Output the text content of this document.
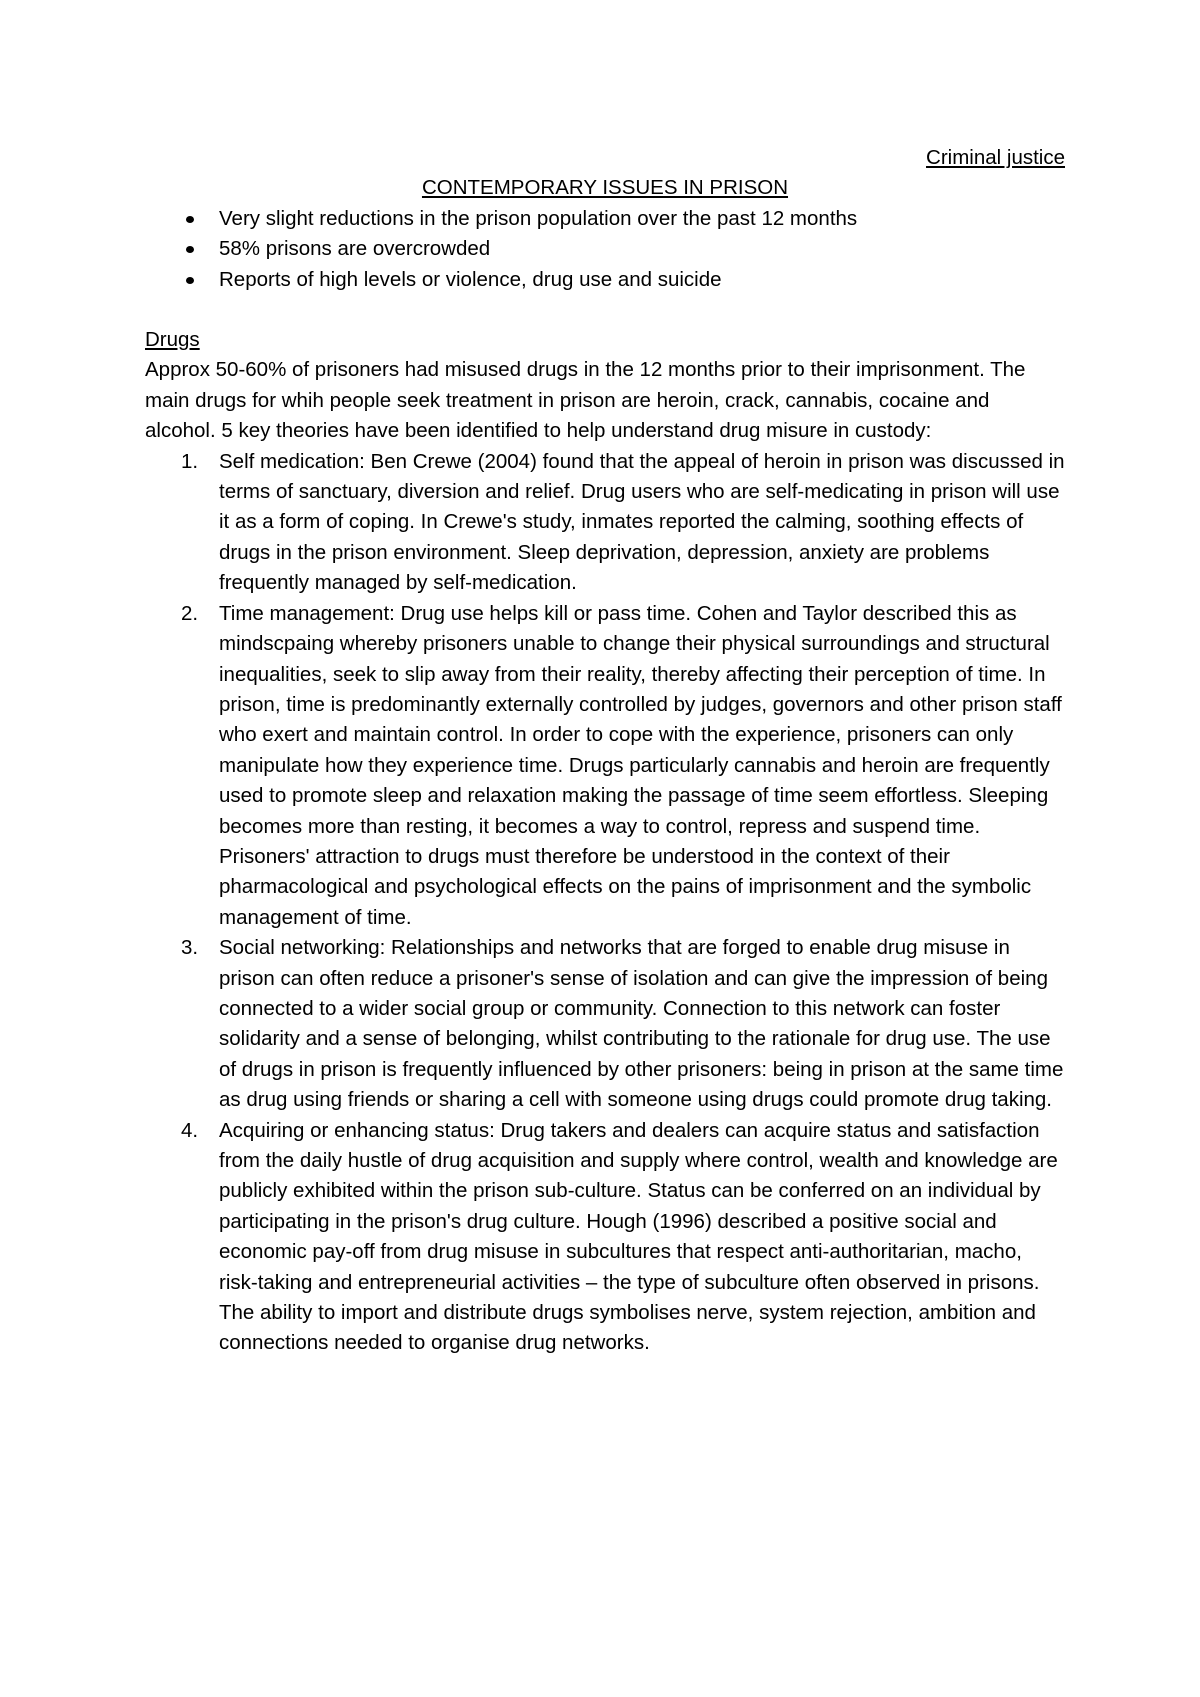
Criminal justice

CONTEMPORARY ISSUES IN PRISON
Very slight reductions in the prison population over the past 12 months
58% prisons are overcrowded
Reports of high levels or violence, drug use and suicide
Drugs

Approx 50-60% of prisoners had misused drugs in the 12 months prior to their imprisonment. The main drugs for whih people seek treatment in prison are heroin, crack, cannabis, cocaine and alcohol. 5 key theories have been identified to help understand drug misure in custody:

1. Self medication: Ben Crewe (2004) found that the appeal of heroin in prison was discussed in terms of sanctuary, diversion and relief. Drug users who are self-medicating in prison will use it as a form of coping. In Crewe's study, inmates reported the calming, soothing effects of drugs in the prison environment. Sleep deprivation, depression, anxiety are problems frequently managed by self-medication.
2. Time management: Drug use helps kill or pass time. Cohen and Taylor described this as mindscpaing whereby prisoners unable to change their physical surroundings and structural inequalities, seek to slip away from their reality, thereby affecting their perception of time. In prison, time is predominantly externally controlled by judges, governors and other prison staff who exert and maintain control. In order to cope with the experience, prisoners can only manipulate how they experience time. Drugs particularly cannabis and heroin are frequently used to promote sleep and relaxation making the passage of time seem effortless. Sleeping becomes more than resting, it becomes a way to control, repress and suspend time. Prisoners' attraction to drugs must therefore be understood in the context of their pharmacological and psychological effects on the pains of imprisonment and the symbolic management of time.
3. Social networking: Relationships and networks that are forged to enable drug misuse in prison can often reduce a prisoner's sense of isolation and can give the impression of being connected to a wider social group or community. Connection to this network can foster solidarity and a sense of belonging, whilst contributing to the rationale for drug use. The use of drugs in prison is frequently influenced by other prisoners: being in prison at the same time as drug using friends or sharing a cell with someone using drugs could promote drug taking.
4. Acquiring or enhancing status: Drug takers and dealers can acquire status and satisfaction from the daily hustle of drug acquisition and supply where control, wealth and knowledge are publicly exhibited within the prison sub-culture. Status can be conferred on an individual by participating in the prison's drug culture. Hough (1996) described a positive social and economic pay-off from drug misuse in subcultures that respect anti-authoritarian, macho, risk-taking and entrepreneurial activities – the type of subculture often observed in prisons. The ability to import and distribute drugs symbolises nerve, system rejection, ambition and connections needed to organise drug networks.
